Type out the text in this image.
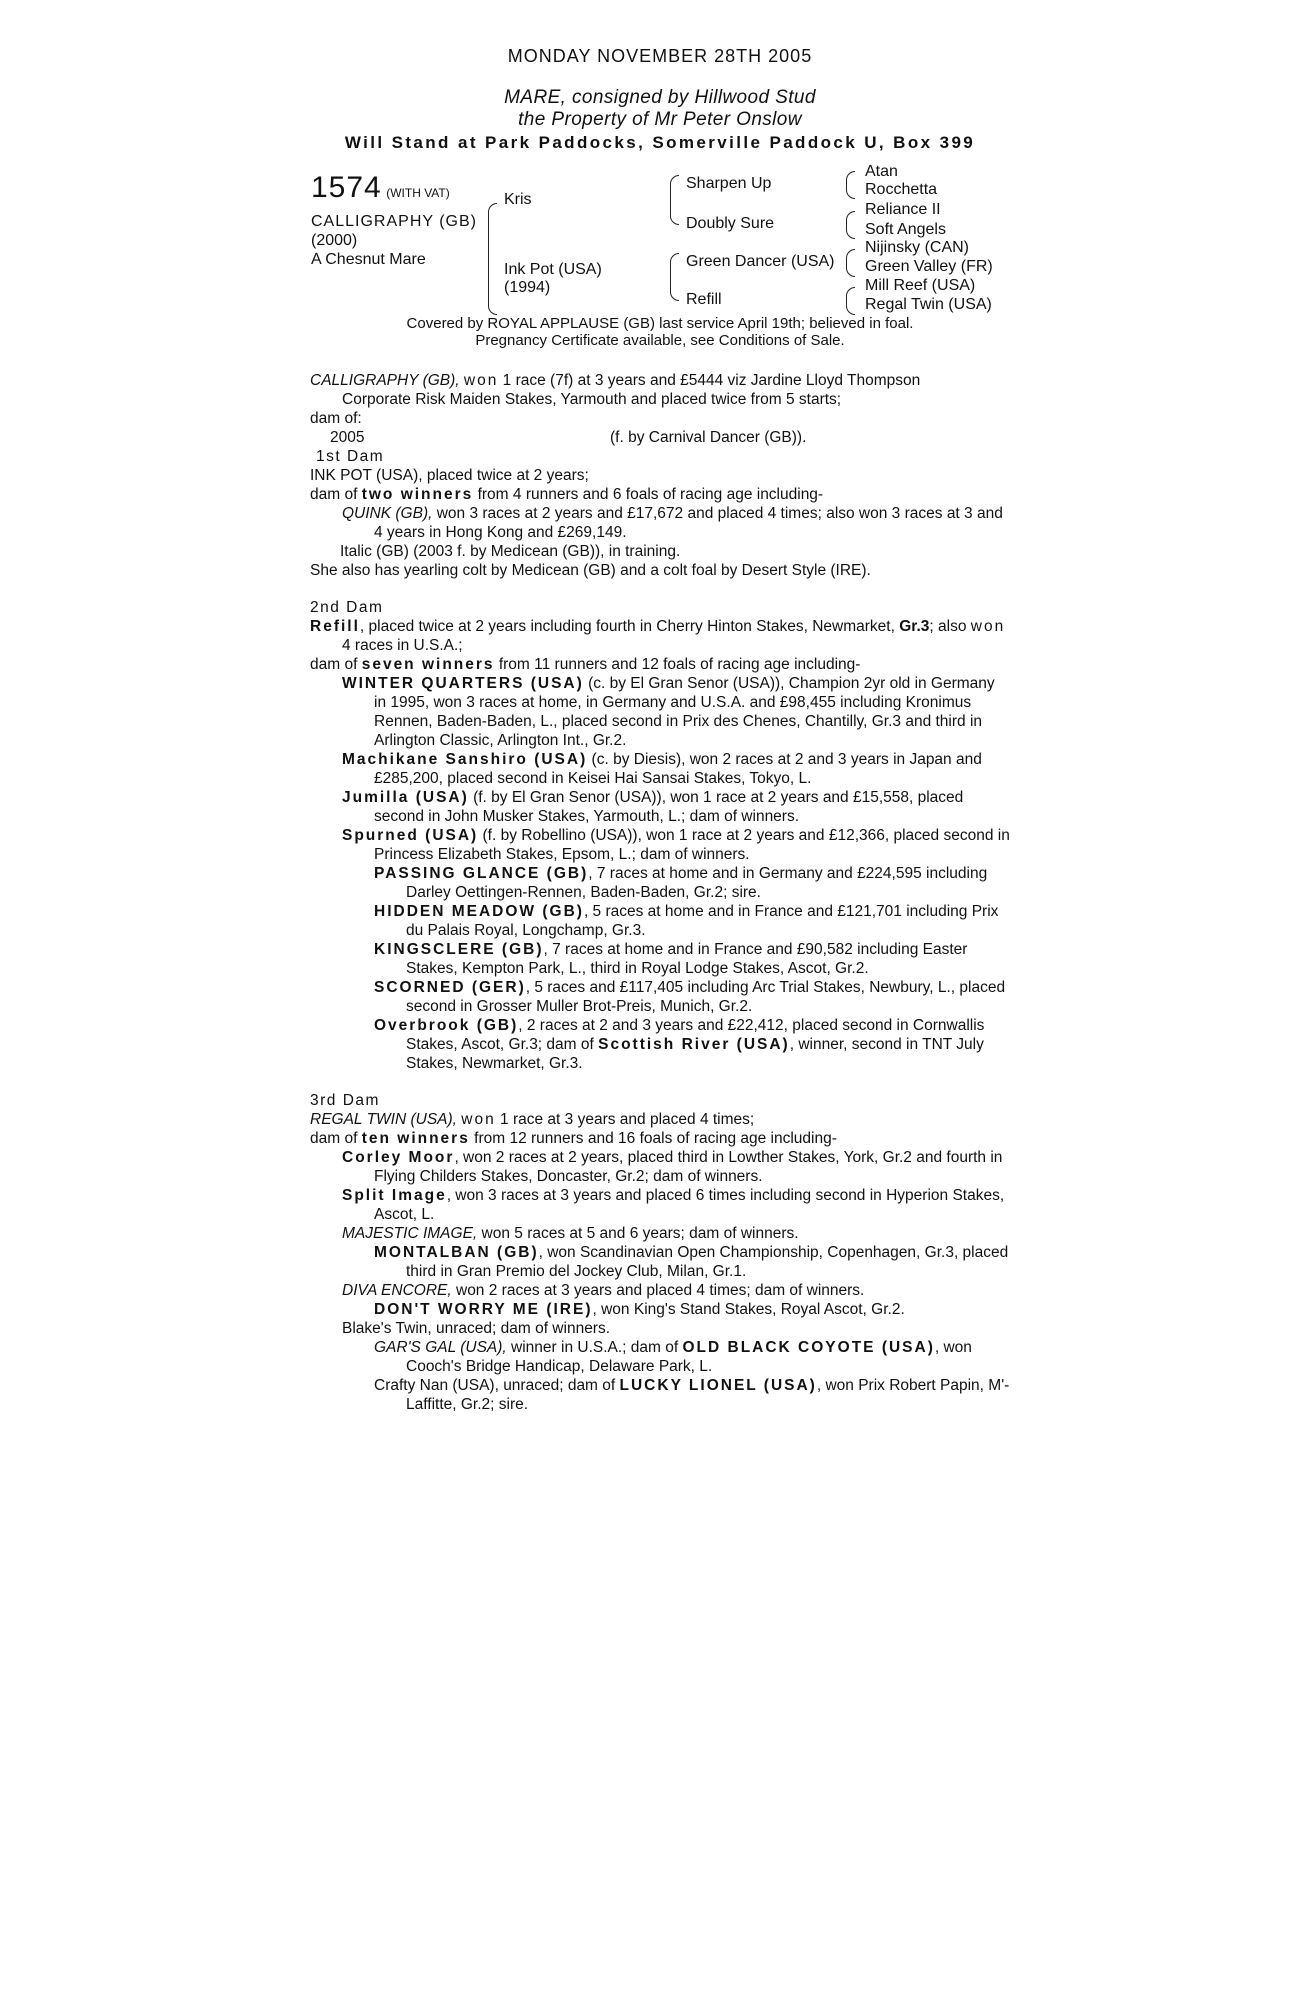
MONDAY NOVEMBER 28TH 2005
MARE, consigned by Hillwood Stud
the Property of Mr Peter Onslow
Will Stand at Park Paddocks, Somerville Paddock U, Box 399
1574 (WITH VAT)
CALLIGRAPHY (GB)
(2000)
A Chesnut Mare
Kris
Ink Pot (USA)
(1994)
Sharpen Up
Doubly Sure
Green Dancer (USA)
Refill
Atan
Rocchetta
Reliance II
Soft Angels
Nijinsky (CAN)
Green Valley (FR)
Mill Reef (USA)
Regal Twin (USA)
Covered by ROYAL APPLAUSE (GB) last service April 19th; believed in foal.
Pregnancy Certificate available, see Conditions of Sale.

CALLIGRAPHY (GB), won 1 race (7f) at 3 years and £5444 viz Jardine Lloyd Thompson

Corporate Risk Maiden Stakes, Yarmouth and placed twice from 5 starts;

dam of:

2005	(f. by Carnival Dancer (GB)).

1st Dam

INK POT (USA), placed twice at 2 years;

dam of two winners from 4 runners and 6 foals of racing age including-

QUINK (GB), won 3 races at 2 years and £17,672 and placed 4 times; also won 3 races at 3 and 4 years in Hong Kong and £269,149.

Italic (GB) (2003 f. by Medicean (GB)), in training.

She also has yearling colt by Medicean (GB) and a colt foal by Desert Style (IRE).

2nd Dam

Refill, placed twice at 2 years including fourth in Cherry Hinton Stakes, Newmarket, Gr.3; also won 4 races in U.S.A.;

dam of seven winners from 11 runners and 12 foals of racing age including-

WINTER QUARTERS (USA) (c. by El Gran Senor (USA)), Champion 2yr old in Germany in 1995, won 3 races at home, in Germany and U.S.A. and £98,455 including Kronimus Rennen, Baden-Baden, L., placed second in Prix des Chenes, Chantilly, Gr.3 and third in Arlington Classic, Arlington Int., Gr.2.

Machikane Sanshiro (USA) (c. by Diesis), won 2 races at 2 and 3 years in Japan and £285,200, placed second in Keisei Hai Sansai Stakes, Tokyo, L.

Jumilla (USA) (f. by El Gran Senor (USA)), won 1 race at 2 years and £15,558, placed second in John Musker Stakes, Yarmouth, L.; dam of winners.

Spurned (USA) (f. by Robellino (USA)), won 1 race at 2 years and £12,366, placed second in Princess Elizabeth Stakes, Epsom, L.; dam of winners.

PASSING GLANCE (GB), 7 races at home and in Germany and £224,595 including Darley Oettingen-Rennen, Baden-Baden, Gr.2; sire.

HIDDEN MEADOW (GB), 5 races at home and in France and £121,701 including Prix du Palais Royal, Longchamp, Gr.3.

KINGSCLERE (GB), 7 races at home and in France and £90,582 including Easter Stakes, Kempton Park, L., third in Royal Lodge Stakes, Ascot, Gr.2.

SCORNED (GER), 5 races and £117,405 including Arc Trial Stakes, Newbury, L., placed second in Grosser Muller Brot-Preis, Munich, Gr.2.

Overbrook (GB), 2 races at 2 and 3 years and £22,412, placed second in Cornwallis Stakes, Ascot, Gr.3; dam of Scottish River (USA), winner, second in TNT July Stakes, Newmarket, Gr.3.

3rd Dam

REGAL TWIN (USA), won 1 race at 3 years and placed 4 times;

dam of ten winners from 12 runners and 16 foals of racing age including-

Corley Moor, won 2 races at 2 years, placed third in Lowther Stakes, York, Gr.2 and fourth in Flying Childers Stakes, Doncaster, Gr.2; dam of winners.

Split Image, won 3 races at 3 years and placed 6 times including second in Hyperion Stakes, Ascot, L.

MAJESTIC IMAGE, won 5 races at 5 and 6 years; dam of winners.

MONTALBAN (GB), won Scandinavian Open Championship, Copenhagen, Gr.3, placed third in Gran Premio del Jockey Club, Milan, Gr.1.

DIVA ENCORE, won 2 races at 3 years and placed 4 times; dam of winners.

DON'T WORRY ME (IRE), won King's Stand Stakes, Royal Ascot, Gr.2.

Blake's Twin, unraced; dam of winners.

GAR'S GAL (USA), winner in U.S.A.; dam of OLD BLACK COYOTE (USA), won Cooch's Bridge Handicap, Delaware Park, L.

Crafty Nan (USA), unraced; dam of LUCKY LIONEL (USA), won Prix Robert Papin, M'-Laffitte, Gr.2; sire.
